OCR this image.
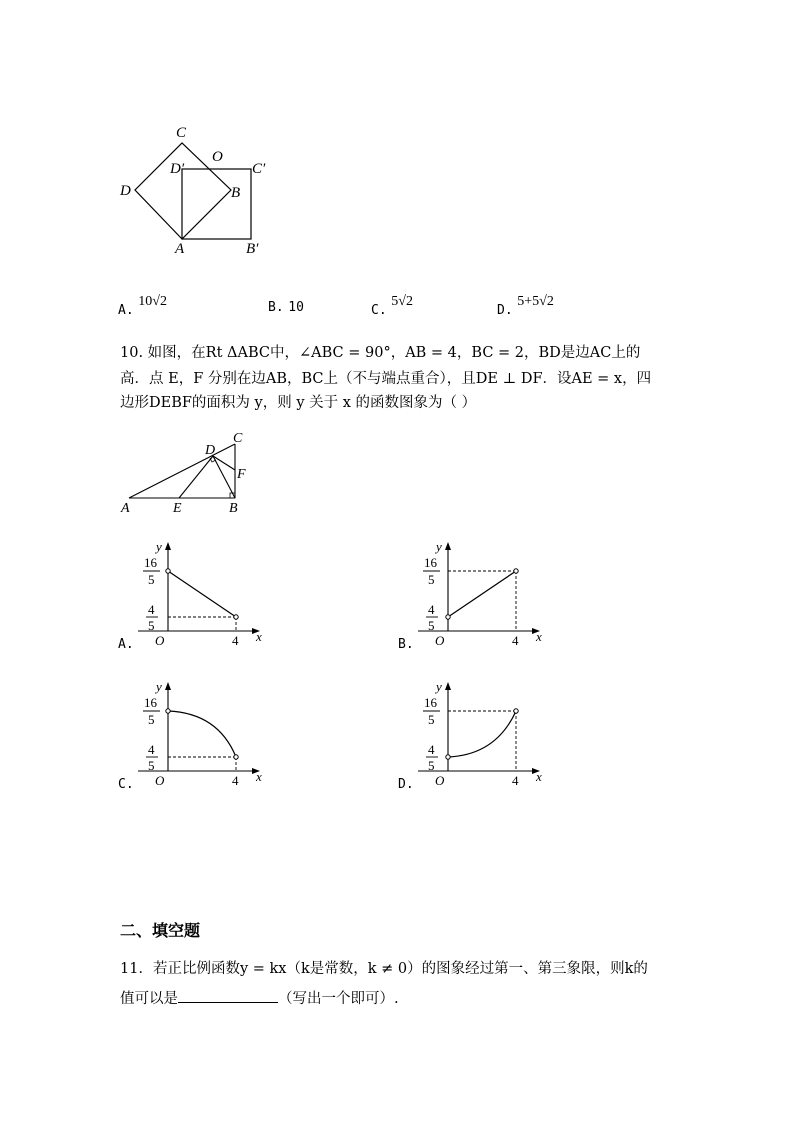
C
O
D′	C′
D	B
A	B′
A. 10√2	B. 10	C. 5√2
D. 5+5√2
10. 如图，在Rt ΔABC中，∠ABC = 90°，AB = 4，BC = 2，BD是边AC上的
高．点 E，F 分别在边AB，BC上（不与端点重合），且DE ⊥ DF．设AE = x，四
边形DEBF的面积为 y，则 y 关于 x 的函数图象为（ ）
A	E	B
C
D
F
y
x
O	4
16
5
4
5
A.
y
x
O	4
16
5
4
5
B.
y
x
O	4
16
5
4
5
C.
y
x
O	4
16
5
4
5
D.
二、填空题
11．若正比例函数y = kx（k是常数，k ≠ 0）的图象经过第一、第三象限，则k的
值可以是	（写出一个即可）.
